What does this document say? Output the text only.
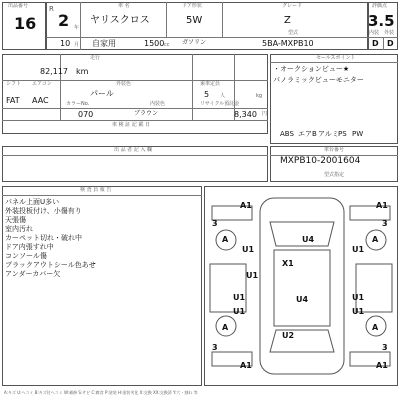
出品番号
16
R
2 年
10 月
車 名
ヤリスクロス
ドア形状
5W
グレード
Z
自家用	1500 cc ガソリン
型式
5BA-MXPB10
評価点
3.5
内装 外装
D D
走行
82,117 km
シフト エアコン
FAT AAC
外装色
パール
カラーNo.	内装色
070	ブラウン
乗車定員
5 人	kg
リサイクル預託金
8,340 円
車 検 証 記 載 日
セールスポイント
・オークションビュー★
パノラミックビューモニター
ABS エアB アルミ PS PW
出 品 者 記 入 欄	車台番号
MXPB10-2001604
型式指定
検 査 員 報 告
パネル上面U多い
外装投板付け、小傷有り
天張傷
室内汚れ
カーペット切れ・破れ中
ドア内張すれ中
コンソール傷
ブラックアウトシール色あせ
アンダーカバー欠
A1	A1
A	A
U4
X1
U1	U1
U1
U1
U1
U4
U1
U1
A	A
U2
A1	A1
3	3
3	3
A:キズ U:ヘコミ B:キズ付ヘコミ W:補修 S:サビ C:腐食 P:塗装 H:塗装劣化 X:交換 XX:交換済 Y:穴・割れ 等
